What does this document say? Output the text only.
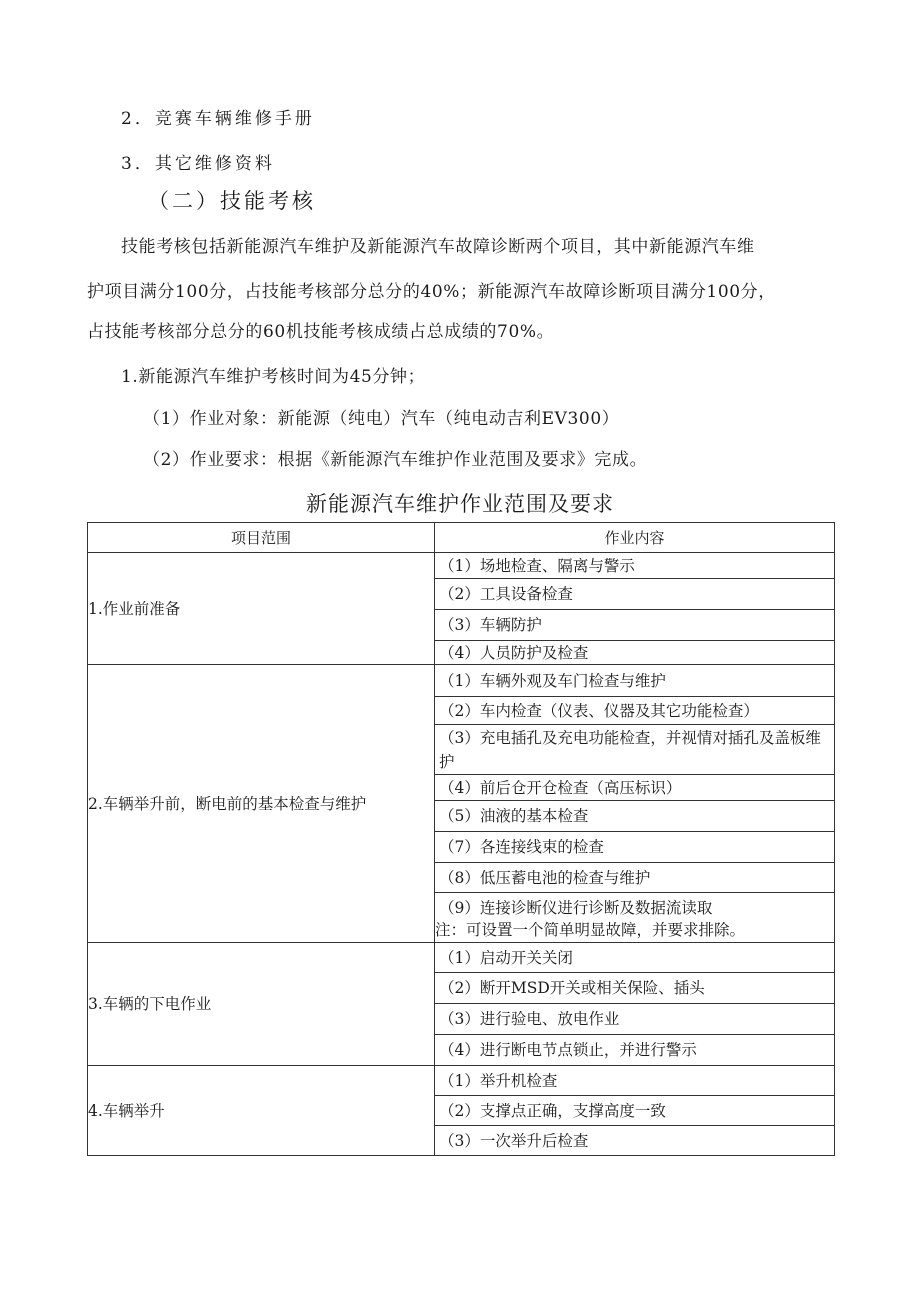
2．竞赛车辆维修手册
3．其它维修资料
（二）技能考核
技能考核包括新能源汽车维护及新能源汽车故障诊断两个项目，其中新能源汽车维
护项目满分100分，占技能考核部分总分的40%；新能源汽车故障诊断项目满分100分，
占技能考核部分总分的60机技能考核成绩占总成绩的70%。
1.新能源汽车维护考核时间为45分钟；
（1）作业对象：新能源（纯电）汽车（纯电动吉利EV300）
（2）作业要求：根据《新能源汽车维护作业范围及要求》完成。
新能源汽车维护作业范围及要求
项目范围	作业内容
1.作业前准备	（1）场地检查、隔离与警示
	（2）工具设备检查
	（3）车辆防护
	（4）人员防护及检查
2.车辆举升前，断电前的基本检查与维护	（1）车辆外观及车门检查与维护
	（2）车内检查（仪表、仪器及其它功能检查）
	（3）充电插孔及充电功能检查，并视情对插孔及盖板维护
	（4）前后仓开仓检查（高压标识）
	（5）油液的基本检查
	（7）各连接线束的检查
	（8）低压蓄电池的检查与维护

	（9）连接诊断仪进行诊断及数据流读取
注：可设置一个简单明显故障，并要求排除。

3.车辆的下电作业	（1）启动开关关闭
	（2）断开MSD开关或相关保险、插头
	（3）进行验电、放电作业
	（4）进行断电节点锁止，并进行警示
4.车辆举升	（1）举升机检查
	（2）支撑点正确，支撑高度一致
	（3）一次举升后检查
